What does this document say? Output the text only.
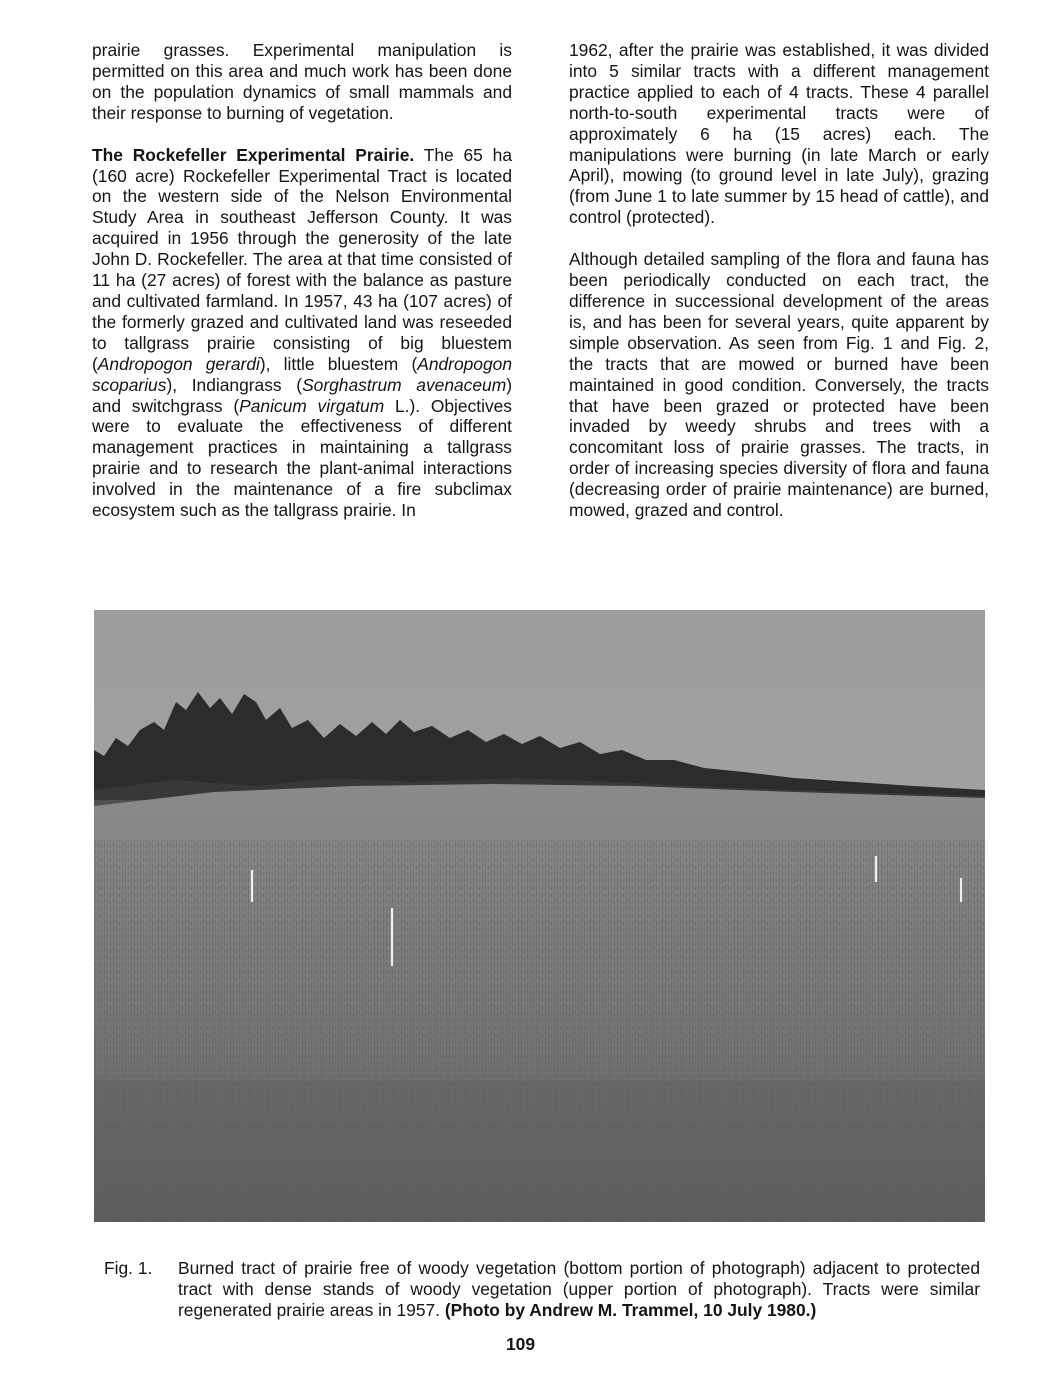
prairie grasses. Experimental manipulation is permitted on this area and much work has been done on the population dynamics of small mammals and their response to burning of vegetation.

The Rockefeller Experimental Prairie. The 65 ha (160 acre) Rockefeller Experimental Tract is located on the western side of the Nelson Environmental Study Area in southeast Jefferson County. It was acquired in 1956 through the generosity of the late John D. Rockefeller. The area at that time consisted of 11 ha (27 acres) of forest with the balance as pasture and cultivated farmland. In 1957, 43 ha (107 acres) of the formerly grazed and cultivated land was reseeded to tallgrass prairie consisting of big bluestem (Andropogon gerardi), little bluestem (Andropogon scoparius), Indiangrass (Sorghastrum avenaceum) and switchgrass (Panicum virgatum L.). Objectives were to evaluate the effectiveness of different management practices in maintaining a tallgrass prairie and to research the plant-animal interactions involved in the maintenance of a fire subclimax ecosystem such as the tallgrass prairie. In

1962, after the prairie was established, it was divided into 5 similar tracts with a different management practice applied to each of 4 tracts. These 4 parallel north-to-south experimental tracts were of approximately 6 ha (15 acres) each. The manipulations were burning (in late March or early April), mowing (to ground level in late July), grazing (from June 1 to late summer by 15 head of cattle), and control (protected).

Although detailed sampling of the flora and fauna has been periodically conducted on each tract, the difference in successional development of the areas is, and has been for several years, quite apparent by simple observation. As seen from Fig. 1 and Fig. 2, the tracts that are mowed or burned have been maintained in good condition. Conversely, the tracts that have been grazed or protected have been invaded by weedy shrubs and trees with a concomitant loss of prairie grasses. The tracts, in order of increasing species diversity of flora and fauna (decreasing order of prairie maintenance) are burned, mowed, grazed and control.

Fig. 1.	Burned tract of prairie free of woody vegetation (bottom portion of photograph) adjacent to protected tract with dense stands of woody vegetation (upper portion of photograph). Tracts were similar regenerated prairie areas in 1957. (Photo by Andrew M. Trammel, 10 July 1980.)
109
